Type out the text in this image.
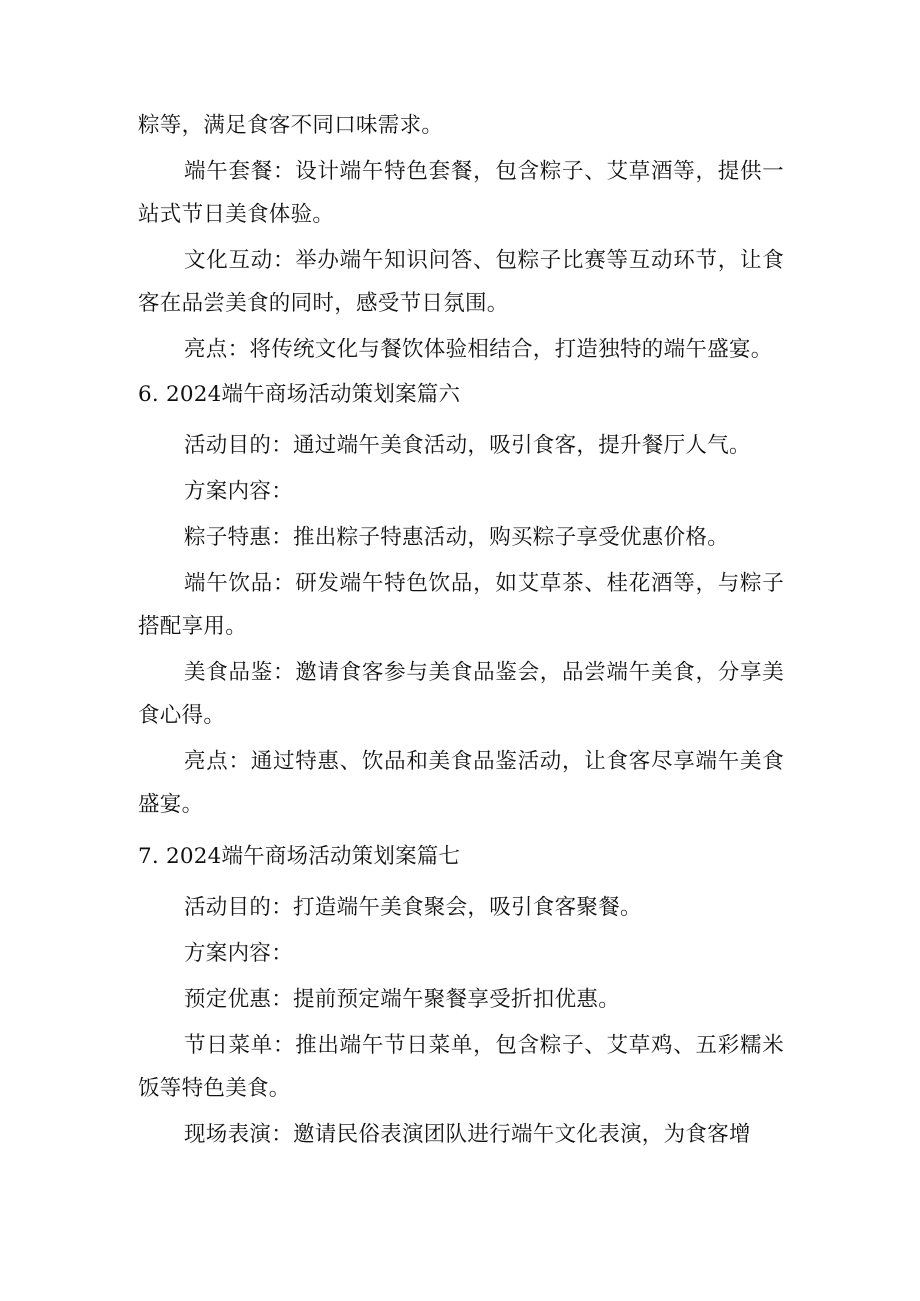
粽等，满足食客不同口味需求。

端午套餐：设计端午特色套餐，包含粽子、艾草酒等，提供一站式节日美食体验。

文化互动：举办端午知识问答、包粽子比赛等互动环节，让食客在品尝美食的同时，感受节日氛围。

亮点：将传统文化与餐饮体验相结合，打造独特的端午盛宴。

6. 2024端午商场活动策划案篇六

活动目的：通过端午美食活动，吸引食客，提升餐厅人气。

方案内容：

粽子特惠：推出粽子特惠活动，购买粽子享受优惠价格。

端午饮品：研发端午特色饮品，如艾草茶、桂花酒等，与粽子搭配享用。

美食品鉴：邀请食客参与美食品鉴会，品尝端午美食，分享美食心得。

亮点：通过特惠、饮品和美食品鉴活动，让食客尽享端午美食盛宴。

7. 2024端午商场活动策划案篇七

活动目的：打造端午美食聚会，吸引食客聚餐。

方案内容：

预定优惠：提前预定端午聚餐享受折扣优惠。

节日菜单：推出端午节日菜单，包含粽子、艾草鸡、五彩糯米饭等特色美食。

现场表演：邀请民俗表演团队进行端午文化表演，为食客增
